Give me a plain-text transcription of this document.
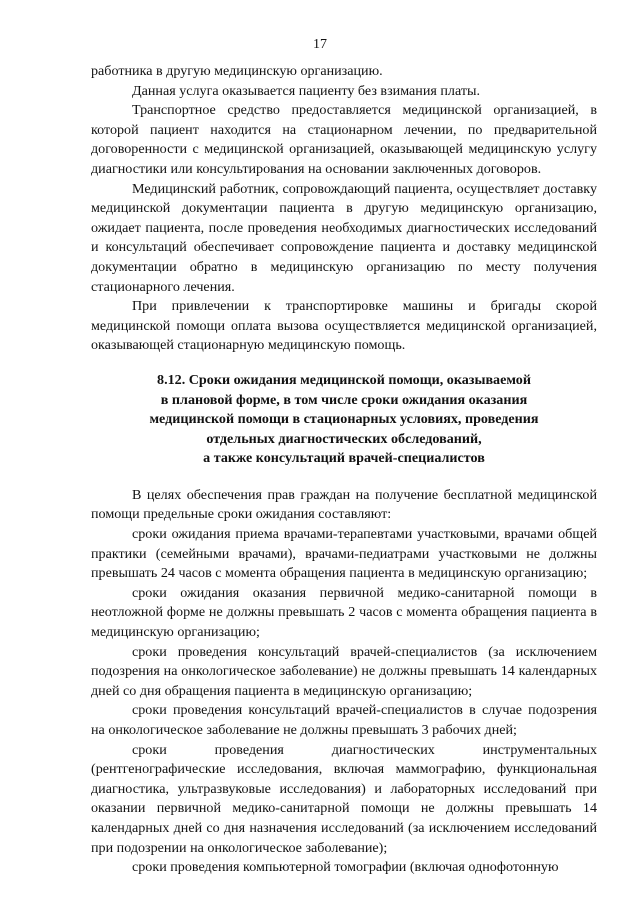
17

работника в другую медицинскую организацию.

Данная услуга оказывается пациенту без взимания платы.

Транспортное средство предоставляется медицинской организацией, в которой пациент находится на стационарном лечении, по предварительной договоренности с медицинской организацией, оказывающей медицинскую услугу диагностики или консультирования на основании заключенных договоров.

Медицинский работник, сопровождающий пациента, осуществляет доставку медицинской документации пациента в другую медицинскую организацию, ожидает пациента, после проведения необходимых диагностических исследований и консультаций обеспечивает сопровождение пациента и доставку медицинской документации обратно в медицинскую организацию по месту получения стационарного лечения.

При привлечении к транспортировке машины и бригады скорой медицинской помощи оплата вызова осуществляется медицинской организацией, оказывающей стационарную медицинскую помощь.

8.12. Сроки ожидания медицинской помощи, оказываемой
в плановой форме, в том числе сроки ожидания оказания
медицинской помощи в стационарных условиях, проведения
отдельных диагностических обследований,
а также консультаций врачей-специалистов

В целях обеспечения прав граждан на получение бесплатной медицинской помощи предельные сроки ожидания составляют:

сроки ожидания приема врачами-терапевтами участковыми, врачами общей практики (семейными врачами), врачами-педиатрами участковыми не должны превышать 24 часов с момента обращения пациента в медицинскую организацию;

сроки ожидания оказания первичной медико-санитарной помощи в неотложной форме не должны превышать 2 часов с момента обращения пациента в медицинскую организацию;

сроки проведения консультаций врачей-специалистов (за исключением подозрения на онкологическое заболевание) не должны превышать 14 календарных дней со дня обращения пациента в медицинскую организацию;

сроки проведения консультаций врачей-специалистов в случае подозрения на онкологическое заболевание не должны превышать 3 рабочих дней;

сроки проведения диагностических инструментальных (рентгенографические исследования, включая маммографию, функциональная диагностика, ультразвуковые исследования) и лабораторных исследований при оказании первичной медико-санитарной помощи не должны превышать 14 календарных дней со дня назначения исследований (за исключением исследований при подозрении на онкологическое заболевание);

сроки проведения компьютерной томографии (включая однофотонную
